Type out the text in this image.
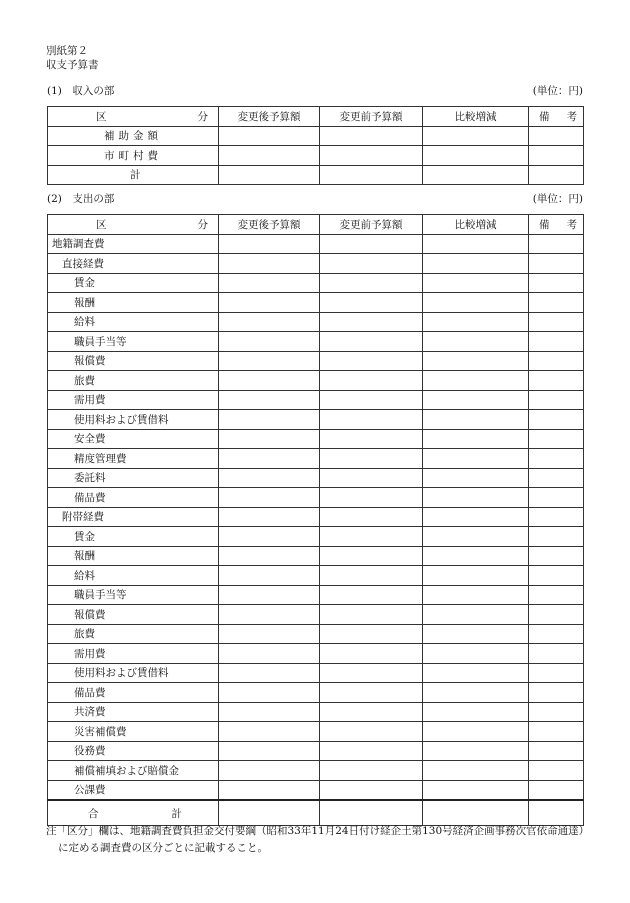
別紙第２
収支予算書
(1)　収入の部	(単位：円)
区 分	変更後予算額	変更前予算額	比較増減	備 考

補助金額				
市町村費				
計				
(2)　支出の部	(単位：円)
区 分	変更後予算額	変更前予算額	比較増減	備 考

地籍調査費				
直接経費				
賃金				
報酬				
給料				
職員手当等				
報償費				
旅費				
需用費				
使用料および賃借料				
安全費				
精度管理費				
委託料				
備品費				
附帯経費				
賃金				
報酬				
給料				
職員手当等				
報償費				
旅費				
需用費				
使用料および賃借料				
備品費				
共済費				
災害補償費				
役務費				
補償補填および賠償金				
公課費				

合 計				

注「区分」欄は、地籍調査費負担金交付要綱（昭和33年11月24日付け経企土第130号経済企画事務次官依命通達）
に定める調査費の区分ごとに記載すること。
